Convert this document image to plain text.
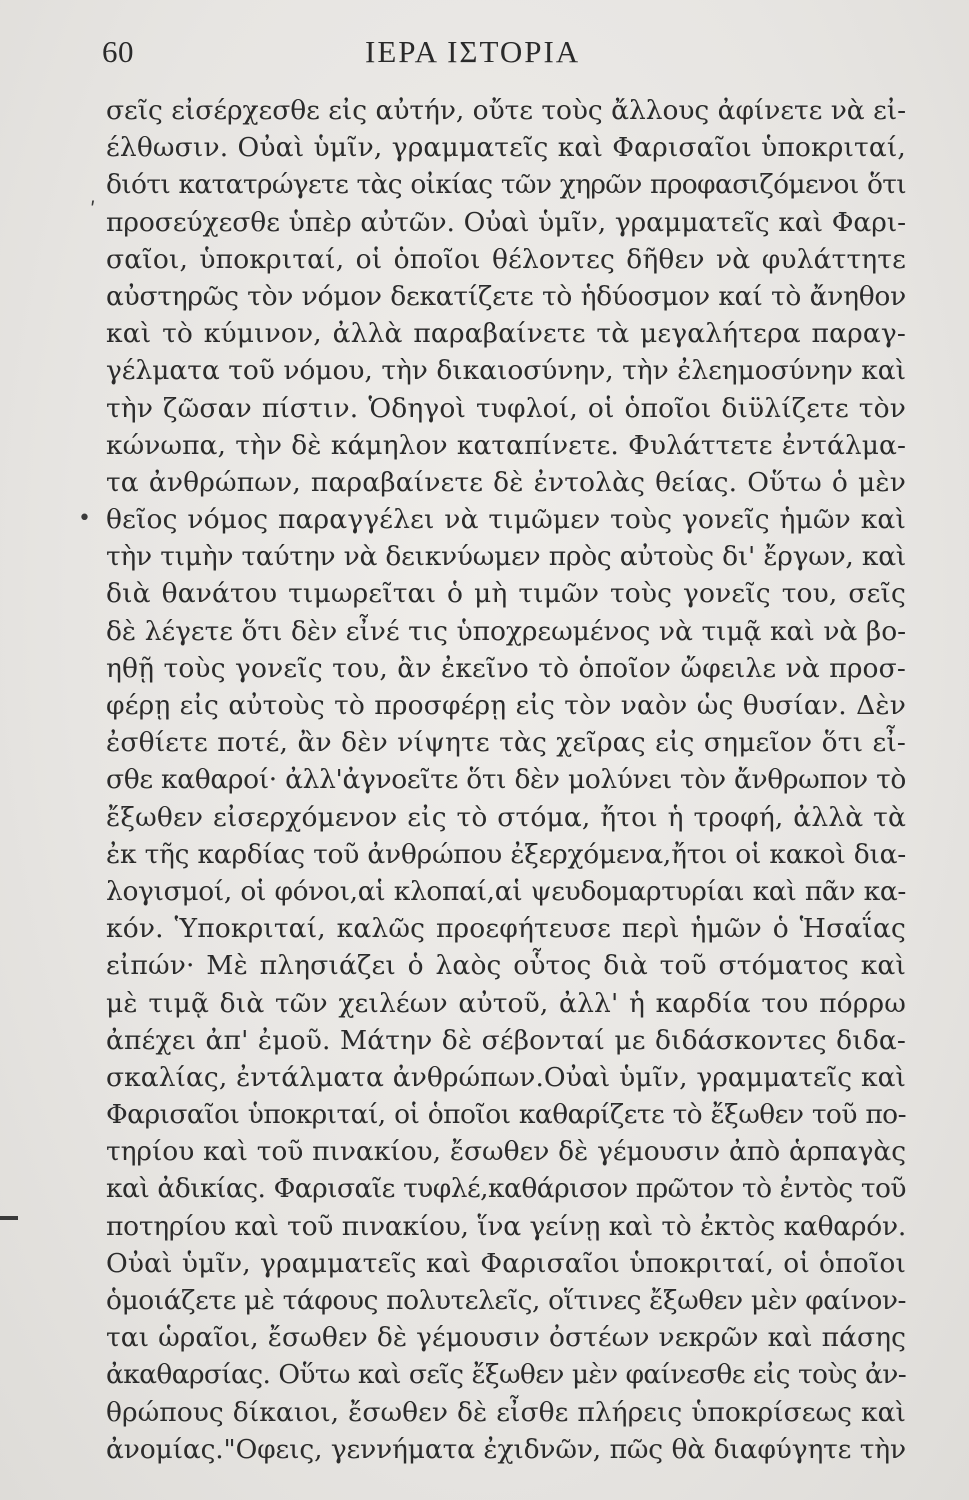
60	ΙΕΡΑ ΙΣΤΟΡΙΑ
ʹ
•
σεῖς εἰσέρχεσθε εἰς αὐτήν, οὔτε τοὺς ἄλλους ἀφίνετε νὰ εἰ-
έλθωσιν. Οὐαὶ ὑμῖν, γραμματεῖς καὶ Φαρισαῖοι ὑποκριταί,
διότι κατατρώγετε τὰς οἰκίας τῶν χηρῶν προφασιζόμενοι ὅτι
προσεύχεσθε ὑπὲρ αὐτῶν. Οὐαὶ ὑμῖν, γραμματεῖς καὶ Φαρι-
σαῖοι, ὑποκριταί, οἱ ὁποῖοι θέλοντες δῆθεν νὰ φυλάττητε
αὐστηρῶς τὸν νόμον δεκατίζετε τὸ ἡδύοσμον καί τὸ ἄνηθον
καὶ τὸ κύμινον, ἀλλὰ παραβαίνετε τὰ μεγαλήτερα παραγ-
γέλματα τοῦ νόμου, τὴν δικαιοσύνην, τὴν ἐλεημοσύνην καὶ
τὴν ζῶσαν πίστιν. Ὁδηγοὶ τυφλοί, οἱ ὁποῖοι διϋλίζετε τὸν
κώνωπα, τὴν δὲ κάμηλον καταπίνετε. Φυλάττετε ἐντάλμα-
τα ἀνθρώπων, παραβαίνετε δὲ ἐντολὰς θείας. Οὕτω ὁ μὲν
θεῖος νόμος παραγγέλει νὰ τιμῶμεν τοὺς γονεῖς ἡμῶν καὶ
τὴν τιμὴν ταύτην νὰ δεικνύωμεν πρὸς αὐτοὺς δι' ἔργων, καὶ
διὰ θανάτου τιμωρεῖται ὁ μὴ τιμῶν τοὺς γονεῖς του, σεῖς
δὲ λέγετε ὅτι δὲν εἶνέ τις ὑποχρεωμένος νὰ τιμᾷ καὶ νὰ βο-
ηθῇ τοὺς γονεῖς του, ἂν ἐκεῖνο τὸ ὁποῖον ὤφειλε νὰ προσ-
φέρῃ εἰς αὐτοὺς τὸ προσφέρῃ εἰς τὸν ναὸν ὡς θυσίαν. Δὲν
ἐσθίετε ποτέ, ἂν δὲν νίψητε τὰς χεῖρας εἰς σημεῖον ὅτι εἶ-
σθε καθαροί· ἀλλ'ἀγνοεῖτε ὅτι δὲν μολύνει τὸν ἄνθρωπον τὸ
ἔξωθεν εἰσερχόμενον εἰς τὸ στόμα, ἤτοι ἡ τροφή, ἀλλὰ τὰ
ἐκ τῆς καρδίας τοῦ ἀνθρώπου ἐξερχόμενα,ἤτοι οἱ κακοὶ δια-
λογισμοί, οἱ φόνοι,αἱ κλοπαί,αἱ ψευδομαρτυρίαι καὶ πᾶν κα-
κόν. Ὑποκριταί, καλῶς προεφήτευσε περὶ ἡμῶν ὁ Ἡσαΐας
εἰπών· Μὲ πλησιάζει ὁ λαὸς οὗτος διὰ τοῦ στόματος καὶ
μὲ τιμᾷ διὰ τῶν χειλέων αὐτοῦ, ἀλλ' ἡ καρδία του πόρρω
ἀπέχει ἀπ' ἐμοῦ. Μάτην δὲ σέβονταί με διδάσκοντες διδα-
σκαλίας, ἐντάλματα ἀνθρώπων.Οὐαὶ ὑμῖν, γραμματεῖς καὶ
Φαρισαῖοι ὑποκριταί, οἱ ὁποῖοι καθαρίζετε τὸ ἔξωθεν τοῦ πο-
τηρίου καὶ τοῦ πινακίου, ἔσωθεν δὲ γέμουσιν ἀπὸ ἁρπαγὰς
καὶ ἀδικίας. Φαρισαῖε τυφλέ,καθάρισον πρῶτον τὸ ἐντὸς τοῦ
ποτηρίου καὶ τοῦ πινακίου, ἵνα γείνῃ καὶ τὸ ἐκτὸς καθαρόν.
Οὐαὶ ὑμῖν, γραμματεῖς καὶ Φαρισαῖοι ὑποκριταί, οἱ ὁποῖοι
ὁμοιάζετε μὲ τάφους πολυτελεῖς, οἵτινες ἔξωθεν μὲν φαίνον-
ται ὡραῖοι, ἔσωθεν δὲ γέμουσιν ὀστέων νεκρῶν καὶ πάσης
ἀκαθαρσίας. Οὕτω καὶ σεῖς ἔξωθεν μὲν φαίνεσθε εἰς τοὺς ἀν-
θρώπους δίκαιοι, ἔσωθεν δὲ εἶσθε πλήρεις ὑποκρίσεως καὶ
ἀνομίας."Οφεις, γεννήματα ἐχιδνῶν, πῶς θὰ διαφύγητε τὴν
